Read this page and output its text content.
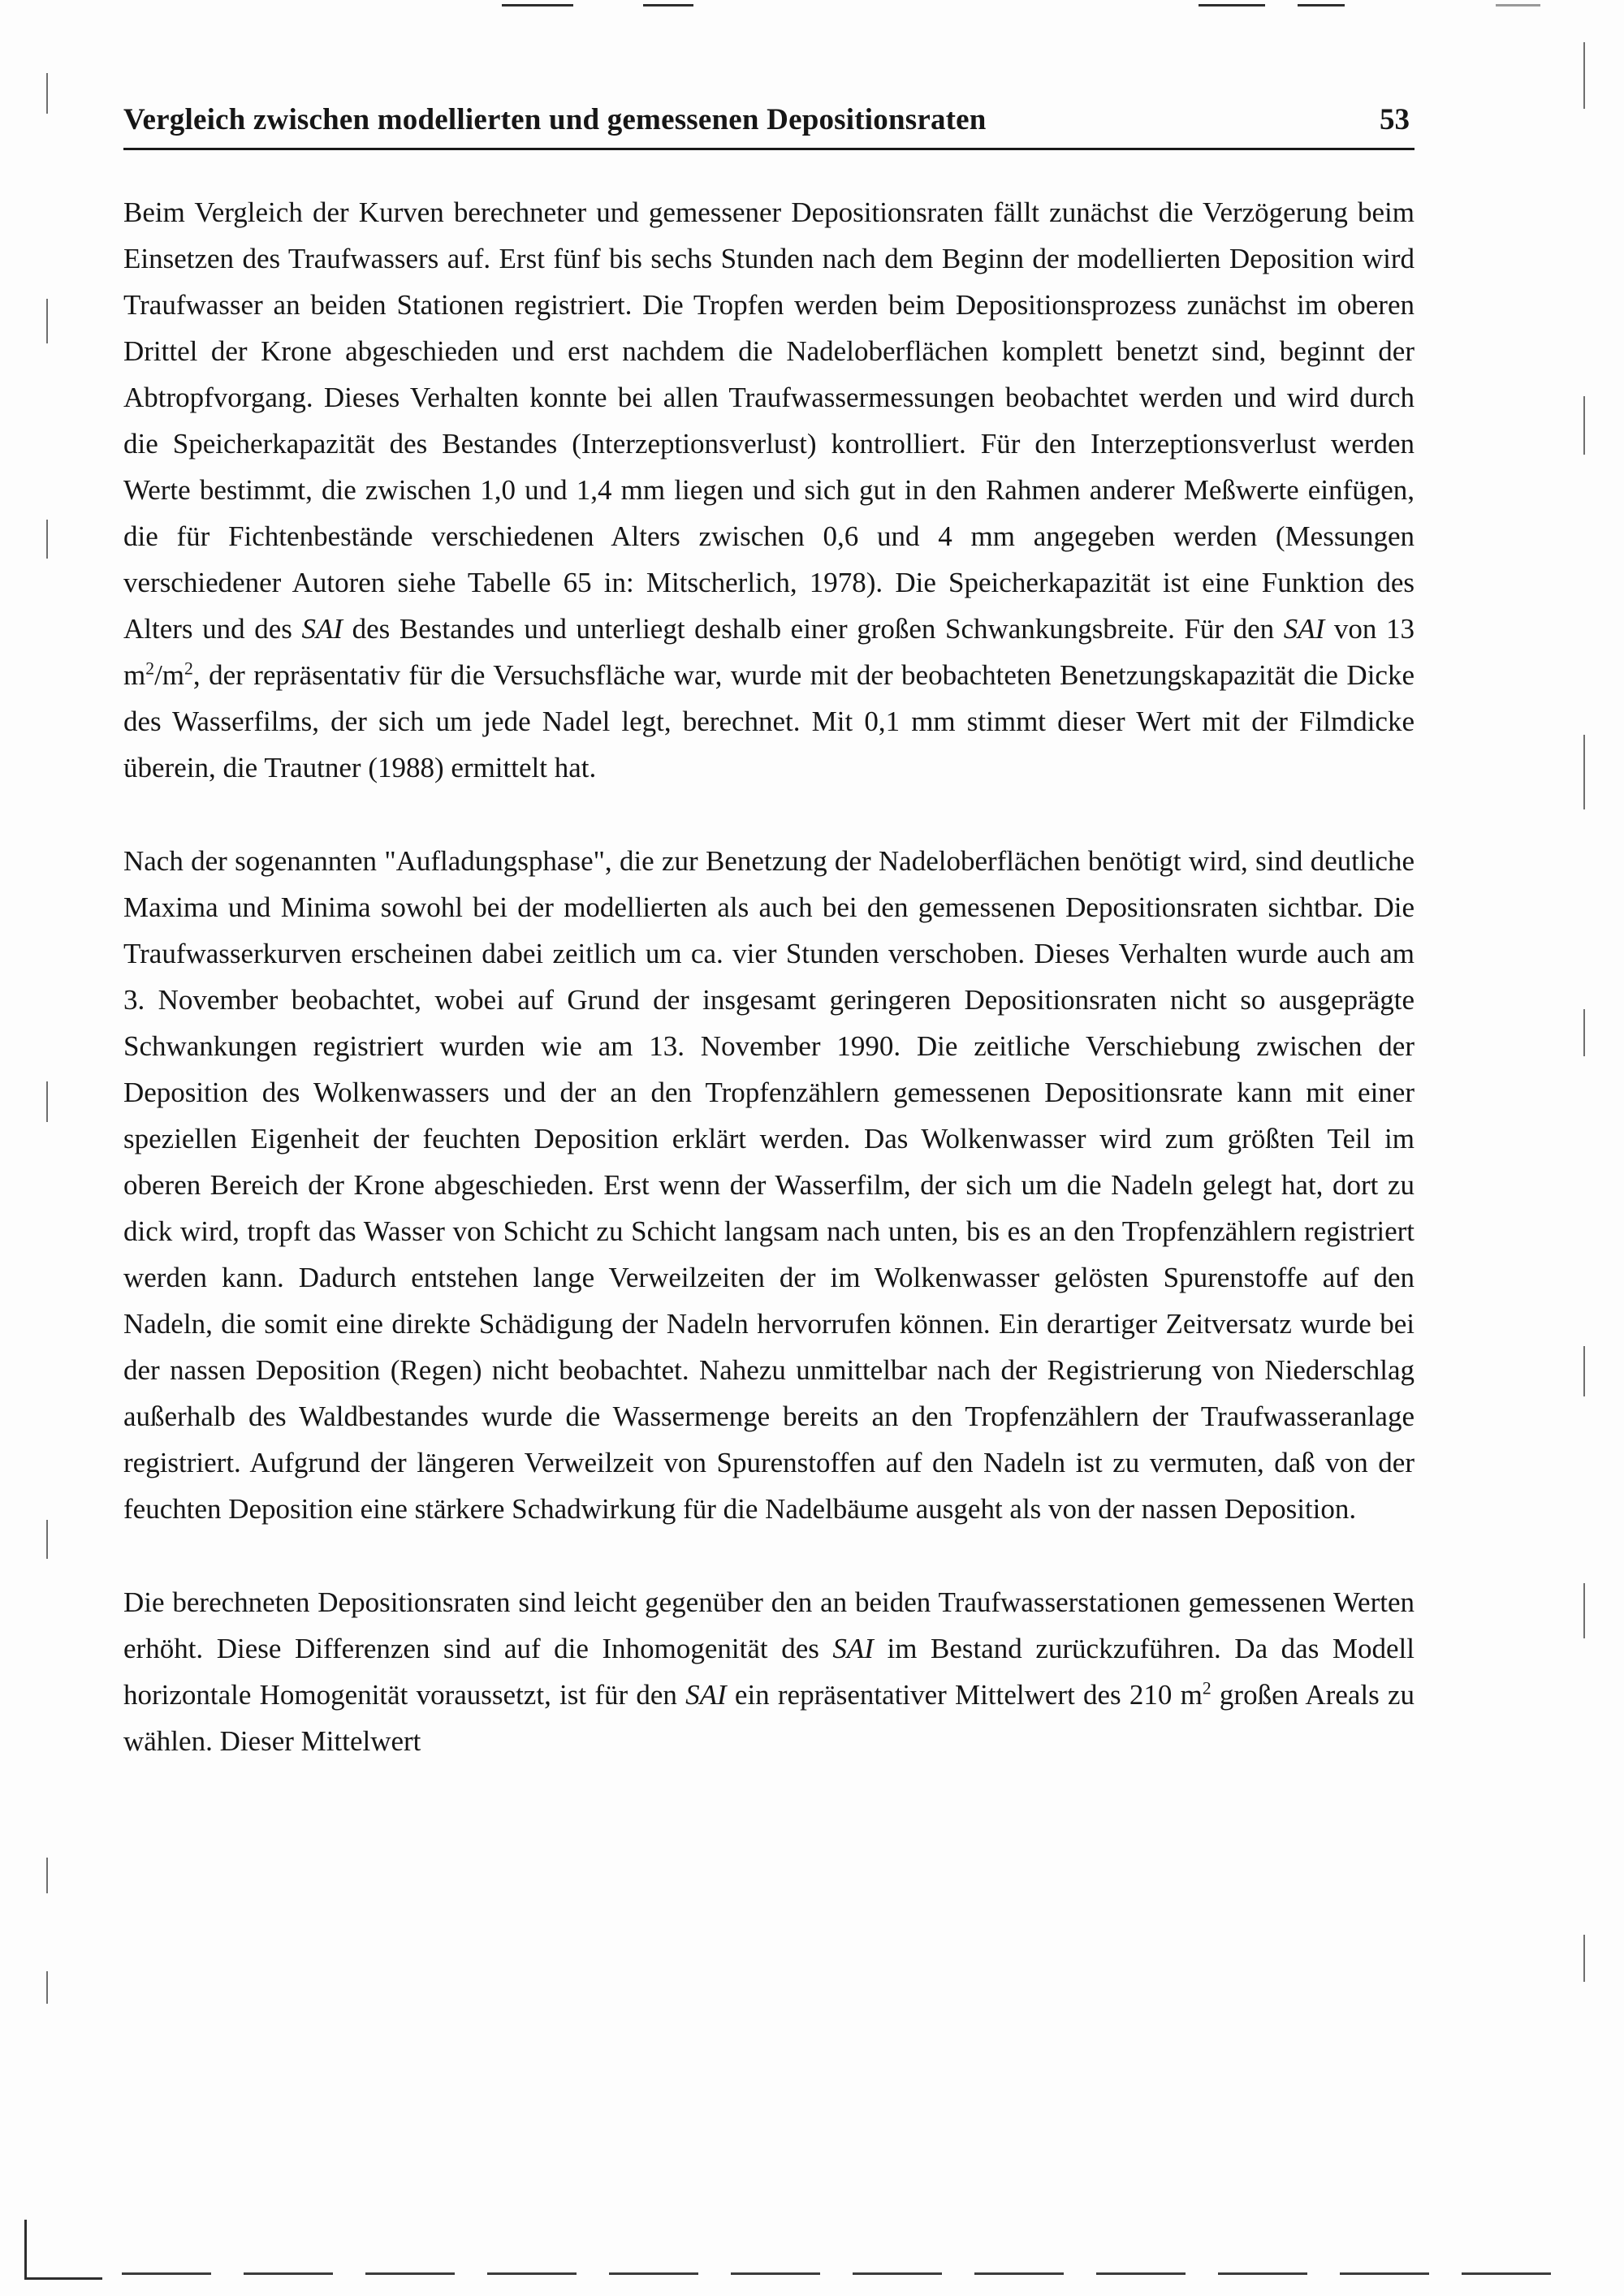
Vergleich zwischen modellierten und gemessenen Depositionsraten	53

Beim Vergleich der Kurven berechneter und gemessener Depositionsraten fällt zunächst die Verzögerung beim Einsetzen des Traufwassers auf. Erst fünf bis sechs Stunden nach dem Beginn der modellierten Deposition wird Traufwasser an beiden Stationen registriert. Die Tropfen werden beim Depositionsprozess zunächst im oberen Drittel der Krone abgeschieden und erst nachdem die Nadeloberflächen komplett benetzt sind, beginnt der Abtropfvorgang. Dieses Verhalten konnte bei allen Traufwassermessungen beobachtet werden und wird durch die Speicherkapazität des Bestandes (Interzeptionsverlust) kontrolliert. Für den Interzeptionsverlust werden Werte bestimmt, die zwischen 1,0 und 1,4 mm liegen und sich gut in den Rahmen anderer Meßwerte einfügen, die für Fichtenbestände verschiedenen Alters zwischen 0,6 und 4 mm angegeben werden (Messungen verschiedener Autoren siehe Tabelle 65 in: Mitscherlich, 1978). Die Speicherkapazität ist eine Funktion des Alters und des SAI des Bestandes und unterliegt deshalb einer großen Schwankungsbreite. Für den SAI von 13 $m^2/m^2$, der repräsentativ für die Versuchsfläche war, wurde mit der beobachteten Benetzungskapazität die Dicke des Wasserfilms, der sich um jede Nadel legt, berechnet. Mit 0,1 mm stimmt dieser Wert mit der Filmdicke überein, die Trautner (1988) ermittelt hat.

Nach der sogenannten "Aufladungsphase", die zur Benetzung der Nadeloberflächen benötigt wird, sind deutliche Maxima und Minima sowohl bei der modellierten als auch bei den gemessenen Depositionsraten sichtbar. Die Traufwasserkurven erscheinen dabei zeitlich um ca. vier Stunden verschoben. Dieses Verhalten wurde auch am 3. November beobachtet, wobei auf Grund der insgesamt geringeren Depositionsraten nicht so ausgeprägte Schwankungen registriert wurden wie am 13. November 1990. Die zeitliche Verschiebung zwischen der Deposition des Wolkenwassers und der an den Tropfenzählern gemessenen Depositionsrate kann mit einer speziellen Eigenheit der feuchten Deposition erklärt werden. Das Wolkenwasser wird zum größten Teil im oberen Bereich der Krone abgeschieden. Erst wenn der Wasserfilm, der sich um die Nadeln gelegt hat, dort zu dick wird, tropft das Wasser von Schicht zu Schicht langsam nach unten, bis es an den Tropfenzählern registriert werden kann. Dadurch entstehen lange Verweilzeiten der im Wolkenwasser gelösten Spurenstoffe auf den Nadeln, die somit eine direkte Schädigung der Nadeln hervorrufen können. Ein derartiger Zeitversatz wurde bei der nassen Deposition (Regen) nicht beobachtet. Nahezu unmittelbar nach der Registrierung von Niederschlag außerhalb des Waldbestandes wurde die Wassermenge bereits an den Tropfenzählern der Traufwasseranlage registriert. Aufgrund der längeren Verweilzeit von Spurenstoffen auf den Nadeln ist zu vermuten, daß von der feuchten Deposition eine stärkere Schadwirkung für die Nadelbäume ausgeht als von der nassen Deposition.

Die berechneten Depositionsraten sind leicht gegenüber den an beiden Traufwasserstationen gemessenen Werten erhöht. Diese Differenzen sind auf die Inhomogenität des SAI im Bestand zurückzuführen. Da das Modell horizontale Homogenität voraussetzt, ist für den SAI ein repräsentativer Mittelwert des 210 $m^2$ großen Areals zu wählen. Dieser Mittelwert
